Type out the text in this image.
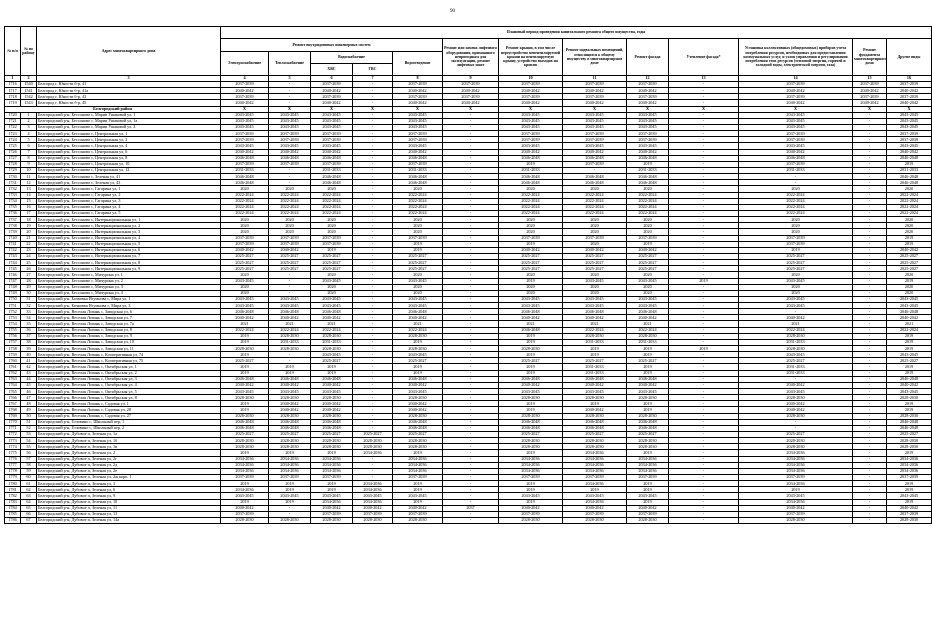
90
№ п/п	№ по району	Адрес многоквартирного дома	Плановый период проведения капитального ремонта общего имущества, годы												
			Ремонт внутридомовых инженерных систем					Ремонт или замена лифтового оборудования, признанного непригодным для эксплуатации, ремонт лифтовых шахт	Ремонт крыши, в том числе переустройство невентилируемой крыши на вентилируемую крышу, устройство выходов на кровлю	Ремонт подвальных помещений, относящихся к общему имуществу в многоквартирном доме	Ремонт фасада	Утепление фасада*	Установка коллективных (общедомовых) приборов учета потребления ресурсов, необходимых для предоставления коммунальных услуг, и узлов управления и регулирования потребления этих ресурсов (тепловой энергии, горячей и холодной воды, электрической энергии, газа)	Ремонт фундамента многоквартирного дома	Другие виды
			Электроснабжение	Теплоснабжение	Водоснабжение		Водоотведение								
					ХВС	ГВС									
1	2	3	4	5	6	7	8	9	10	11	12	13	14	15	16
1716	1540	Белгород г, Юности б-р, 41	2037-2039	-	2037-2039	-	2037-2039	2037-2039	2037-2039	2037-2039	2037-2039	-	2037-2039	2037-2039	2037-2039
1717	1541	Белгород г, Юности б-р, 41а	2040-2042	-	2040-2042	-	2040-2042	2040-2042	2040-2042	2040-2042	2040-2042	-	2040-2042	2040-2042	2040-2042
1718	1542	Белгород г, Юности б-р, 43	2037-2039	-	2037-2039	-	2037-2039	2037-2039	2037-2039	2037-2039	2037-2039	-	2037-2039	2037-2039	2037-2039
1719	1543	Белгород г, Юности б-р, 45	2040-2042	-	2040-2042	-	2040-2042	2040-2042	2040-2042	2040-2042	2040-2042	-	2040-2042	2040-2042	2040-2042
Белгородский район			X	X	X	X	X	X	X	X	X	X	X	X	X
1720	1	Белгородский р-н, Бессоново с, Марии Ушаковой ул, 1	2043-2045	2043-2045	2043-2045	-	2043-2045	-	2043-2045	2043-2045	2043-2045	-	2043-2045	-	2043-2045
1721	2	Белгородский р-н, Бессоново с, Марии Ушаковой ул, 1а	2043-2045	2043-2045	2043-2045	-	2043-2045	-	2043-2045	2043-2045	2043-2045	-	2043-2045	-	2043-2045
1722	3	Белгородский р-н, Бессоново с, Марии Ушаковой ул, 2	2043-2045	2043-2045	2043-2045	-	2043-2045	-	2043-2045	2043-2045	2043-2045	-	2043-2045	-	2043-2045
1723	4	Белгородский р-н, Бессоново с, Центральная ул, 1	2037-2039	2037-2039	2037-2039	-	2037-2039	-	2037-2039	2037-2039	2037-2039	-	2037-2039	-	2037-2039
1724	5	Белгородский р-н, Бессоново с, Центральная ул, 2	2037-2039	2037-2039	2037-2039	-	2037-2039	-	2037-2039	2037-2039	2037-2039	-	2037-2039	-	2037-2039
1725	6	Белгородский р-н, Бессоново с, Центральная ул, 4	2043-2045	2043-2045	2043-2045	-	2043-2045	-	2043-2045	2043-2045	2043-2045	-	2043-2045	-	2043-2045
1726	7	Белгородский р-н, Бессоново с, Центральная ул, 6	2040-2042	2040-2042	2040-2042	-	2040-2042	-	2040-2042	2040-2042	2040-2042	-	2040-2042	-	2040-2042
1727	8	Белгородский р-н, Бессоново с, Центральная ул, 8	2046-2048	2046-2048	2046-2048	-	2046-2048	-	2046-2048	2046-2048	2046-2048	-	2046-2048	-	2046-2048
1728	9	Белгородский р-н, Бессоново с, Центральная ул, 10	2037-2039	2037-2039	2037-2039	-	2037-2039	-	2019	2037-2039	2019	-	2037-2039	-	2019
1729	10	Белгородский р-н, Бессоново с, Центральная ул, 12	2031-2033	-	2031-2033	-	2031-2033	-	2031-2033	-	2031-2033	-	2031-2033	-	2031-2033
1730	11	Белгородский р-н, Бессоново с, Зеленая ул, 41	2046-2048	-	2046-2048	-	2046-2048	-	2046-2048	2046-2048	2046-2048	-	-	-	2046-2048
1731	12	Белгородский р-н, Бессоново с, Зеленая ул, 43	2046-2048	-	2046-2048	-	2046-2048	-	2046-2048	2046-2048	2046-2048	-	-	-	2046-2048
1732	13	Белгородский р-н, Бессоново с, Гагарина ул, 1	2020	2020	2020	-	2020	-	2020	2020	2020	-	2020	-	2020
1733	14	Белгородский р-н, Бессоново с, Гагарина ул, 2	2022-2024	2022-2024	2022-2024	-	2022-2024	-	2022-2024	2022-2024	2022-2024	-	2022-2024	-	2022-2024
1734	15	Белгородский р-н, Бессоново с, Гагарина ул, 3	2022-2024	2022-2024	2022-2024	-	2022-2024	-	2022-2024	2022-2024	2022-2024	-	2022-2024	-	2022-2024
1735	16	Белгородский р-н, Бессоново с, Гагарина ул, 4	2022-2024	2022-2024	2022-2024	-	2022-2024	-	2022-2024	2022-2024	2022-2024	-	2022-2024	-	2022-2024
1736	17	Белгородский р-н, Бессоново с, Гагарина ул, 5	2022-2024	2022-2024	2022-2024	-	2022-2024	-	2022-2024	2022-2024	2022-2024	-	2022-2024	-	2022-2024
1737	18	Белгородский р-н, Бессоново с, Интернациональная ул, 1	2020	2020	2020	-	2020	-	2020	2020	2020	-	2020	-	2020
1738	19	Белгородский р-н, Бессоново с, Интернациональная ул, 2	2020	2020	2020	-	2020	-	2020	2020	2020	-	2020	-	2020
1739	20	Белгородский р-н, Бессоново с, Интернациональная ул, 3	2020	2020	2020	-	2020	-	2020	2020	2020	-	2020	-	2020
1740	21	Белгородский р-н, Бессоново с, Интернациональная ул, 4	2037-2039	2037-2039	2037-2039	-	2037-2039	-	2037-2039	2037-2039	2037-2039	-	2037-2039	-	2019
1741	22	Белгородский р-н, Бессоново с, Интернациональная ул, 5	2037-2039	2037-2039	2037-2039	-	2019	-	2019	2020	2019	-	2037-2039	-	2019
1742	23	Белгородский р-н, Бессоново с, Интернациональная ул, 6	2040-2042	2040-2042	2019	-	2019	-	2040-2042	2040-2042	2040-2042	-	2019	-	2040-2042
1743	24	Белгородский р-н, Бессоново с, Интернациональная ул, 7	2025-2027	2025-2027	2025-2027	-	2025-2027	-	2025-2027	2025-2027	2025-2027	-	2025-2027	-	2025-2027
1744	25	Белгородский р-н, Бессоново с, Интернациональная ул, 8	2025-2027	2025-2027	2025-2027	-	2025-2027	-	2025-2027	2025-2027	2025-2027	-	2025-2027	-	2025-2027
1745	26	Белгородский р-н, Бессоново с, Интернациональная ул, 9	2025-2027	2025-2027	2025-2027	-	2025-2027	-	2025-2027	2025-2027	2025-2027	-	2025-2027	-	2025-2027
1746	27	Белгородский р-н, Бессоново с, Мичурина ул, 1	2020	-	2020	-	2020	-	2020	2020	2020	-	2020	-	2020
1747	28	Белгородский р-н, Бессоново с, Мичурина ул, 2	2043-2045	-	2043-2045	-	2043-2045	-	2019	2043-2045	2043-2045	2019	2043-2045	-	2019
1748	29	Белгородский р-н, Бессоново с, Мичурина ул, 3	2020	-	2020	-	2020	-	2020	2020	2020	-	2020	-	2020
1749	30	Белгородский р-н, Бессоново с, Мичурина ул, 4	2020	-	2020	-	2020	-	2020	2020	2020	-	2020	-	2020
1750	31	Белгородский р-н, Бочковка Игумнова с, Мира ул, 1	2043-2045	2043-2045	2043-2045	-	2043-2045	-	2043-2045	2043-2045	2043-2045	-	2043-2045	-	2043-2045
1751	32	Белгородский р-н, Бочковка Игумнова с, Мира ул, 3	2043-2045	2043-2045	2043-2045	-	2043-2045	-	2043-2045	2043-2045	2043-2045	-	2043-2045	-	2043-2045
1752	33	Белгородский р-н, Веселая Лопань с, Заводская ул, 6	2046-2048	2046-2048	2046-2048	-	2046-2048	-	2046-2048	2046-2048	2046-2048	-	-	-	2046-2048
1753	34	Белгородский р-н, Веселая Лопань с, Заводская ул, 7	2040-2042	2040-2042	2040-2042	-	2040-2042	-	2040-2042	2040-2042	2040-2042	-	2040-2042	-	2040-2042
1754	35	Белгородский р-н, Веселая Лопань с, Заводская ул, 7а	2021	2021	2021	-	2021	-	2021	2021	2021	-	2021	-	2021
1755	36	Белгородский р-н, Веселая Лопань с, Заводская ул, 8	2022-2024	2022-2024	2022-2024	-	2022-2024	-	2046-2048	2022-2024	2022-2024	-	2022-2024	-	2022-2024
1756	37	Белгородский р-н, Веселая Лопань с, Заводская ул, 9	2019	2028-2030	2028-2030	-	2028-2030	-	2019	2028-2030	2028-2030	-	2028-2030	-	2019
1757	38	Белгородский р-н, Веселая Лопань с, Заводская ул, 10	2019	2031-2033	2031-2033	-	2019	-	2019	2031-2033	2031-2033	-	2031-2033	-	2019
1758	39	Белгородский р-н, Веселая Лопань с, Заводская ул, 11	2028-2030	2028-2030	2028-2030	-	2028-2030	-	2028-2030	2019	2019	2019	2028-2030	-	2019
1759	40	Белгородский р-н, Веселая Лопань с, Кооперативная ул, 74	2019	-	2043-2045	-	2043-2045	-	2019	2019	2019	-	2043-2045	-	2043-2045
1760	41	Белгородский р-н, Веселая Лопань с, Кооперативная ул, 75	2025-2027	-	2025-2027	-	2025-2027	-	2025-2027	2025-2027	2025-2027	-	2025-2027	-	2025-2027
1761	42	Белгородский р-н, Веселая Лопань с, Октябрьская ул, 1	2019	2019	2019	-	2019	-	2019	2031-2033	2019	-	2031-2033	-	2019
1762	43	Белгородский р-н, Веселая Лопань с, Октябрьская ул, 2	2019	2019	2019	-	2019	-	2019	2031-2033	2019	-	2031-2033	-	2019
1763	44	Белгородский р-н, Веселая Лопань с, Октябрьская ул, 3	2046-2048	2046-2048	2046-2048	-	2046-2048	-	2046-2048	2046-2048	2046-2048	-	-	-	2046-2048
1764	45	Белгородский р-н, Веселая Лопань с, Октябрьская ул, 4	2040-2042	2040-2042	2040-2042	-	2040-2042	-	2040-2042	2040-2042	2040-2042	-	2040-2042	-	2040-2042
1765	46	Белгородский р-н, Веселая Лопань с, Октябрьская ул, 5	2043-2045	2043-2045	2043-2045	-	2043-2045	-	2043-2045	2043-2045	2043-2045	-	2043-2045	-	2043-2045
1766	47	Белгородский р-н, Веселая Лопань с, Октябрьская ул, 8	2028-2030	2028-2030	2028-2030	-	2028-2030	-	2028-2030	2028-2030	2028-2030	-	2028-2030	-	2028-2030
1767	48	Белгородский р-н, Веселая Лопань с, Садовая ул, 1	2019	2040-2042	2040-2042	-	2040-2042	-	2019	2019	2019	-	2040-2042	-	2019
1768	49	Белгородский р-н, Веселая Лопань с, Садовая ул, 28	2019	2040-2042	2040-2042	-	2040-2042	-	2019	2040-2042	2019	-	2040-2042	-	2019
1769	50	Белгородский р-н, Веселая Лопань с, Садовая ул, 27	2028-2030	2028-2030	2028-2030	-	2028-2030	-	2028-2030	2028-2030	2028-2030	-	2028-2030	-	2028-2030
1770	51	Белгородский р-н, Головино с, Школьный пер, 1	2046-2048	2046-2048	2046-2048	-	2046-2048	-	2046-2048	2046-2048	2046-2048	-	-	-	2046-2048
1771	52	Белгородский р-н, Головино с, Школьный пер, 2	2046-2048	2046-2048	2046-2048	-	2046-2048	-	2046-2048	2046-2048	2046-2048	-	-	-	2046-2048
1772	53	Белгородский р-н, Дубовое п, Зеленая ул, 1а	2025-2027	2025-2027	2025-2027	2025-2027	2025-2027	-	2025-2027	2025-2027	2025-2027	-	2025-2027	-	2025-2027
1773	54	Белгородский р-н, Дубовое п, Зеленая ул, 1б	2028-2030	2028-2030	2028-2030	2028-2030	2028-2030	-	2028-2030	2028-2030	2028-2030	-	2028-2030	-	2028-2030
1774	55	Белгородский р-н, Дубовое п, Зеленая ул, 1в	2028-2030	2028-2030	2028-2030	2028-2030	2028-2030	-	2028-2030	2028-2030	2028-2030	-	2028-2030	-	2028-2030
1775	56	Белгородский р-н, Дубовое п, Зеленая ул, 2	2019	2019	2019	2034-2036	2019	-	2019	2034-2036	2019	-	2034-2036	-	2019
1776	57	Белгородский р-н, Дубовое п, Зеленая ул, 2г	2034-2036	2034-2036	2034-2036	-	2034-2036	-	2034-2036	2034-2036	2034-2036	-	2034-2036	-	2034-2036
1777	58	Белгородский р-н, Дубовое п, Зеленая ул, 2д	2034-2036	2034-2036	2034-2036	-	2034-2036	-	2034-2036	2034-2036	2034-2036	-	2034-2036	-	2034-2036
1778	59	Белгородский р-н, Дубовое п, Зеленая ул, 2е	2034-2036	2034-2036	2034-2036	-	2034-2036	-	2034-2036	2034-2036	2034-2036	-	2034-2036	-	2034-2036
1779	60	Белгородский р-н, Дубовое п, Зеленая ул, 2ж корп. 1	2037-2039	2037-2039	2037-2039	-	2037-2039	-	2037-2039	2037-2039	2037-2039	-	2037-2039	-	2037-2039
1780	61	Белгородский р-н, Дубовое п, Зеленая ул, 3	2019	2019	2019	2034-2036	2019	-	2019	2034-2036	2019	-	2034-2036	-	2019
1781	62	Белгородский р-н, Дубовое п, Зеленая ул, 6	2034-2036	2019	2019	2034-2036	2019	-	2019	2019	2019	-	2019	-	2019
1782	63	Белгородский р-н, Дубовое п, Зеленая ул, 9	2043-2045	2043-2045	2043-2045	2043-2045	2043-2045	-	2043-2045	2043-2045	2043-2045	-	2043-2045	-	2043-2045
1783	64	Белгородский р-н, Дубовое п, Зеленая ул, 10	2019	2019	2034-2036	2034-2036	2019	-	2019	2034-2036	2019	-	2034-2036	-	2019
1784	65	Белгородский р-н, Дубовое п, Зеленая ул, 11	2040-2042	-	2040-2042	2040-2042	2040-2042	2037	2040-2042	2040-2042	2040-2042	-	2040-2042	-	2040-2042
1785	66	Белгородский р-н, Дубовое п, Зеленая ул, 13	2037-2039	-	2037-2039	2037-2039	2037-2039	-	2037-2039	2037-2039	2037-2039	-	2037-2039	-	2037-2039
1786	67	Белгородский р-н, Дубовое п, Зеленая ул, 14а	2028-2030	2028-2030	2028-2030	2028-2030	2028-2030	-	2028-2030	2028-2030	2028-2030	-	2028-2030	-	2028-2030
